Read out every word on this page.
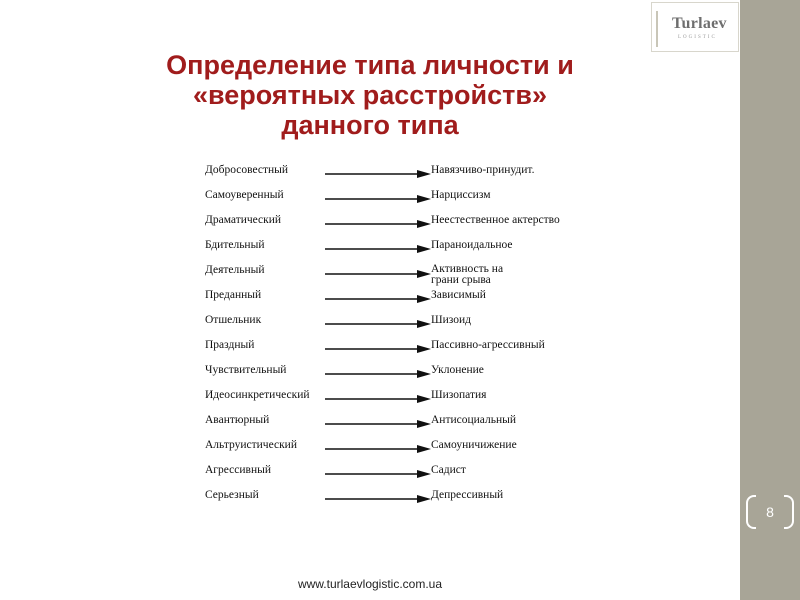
Turlaev
LOGISTIC
8
Определение типа личности и «вероятных расстройств» данного типа
Добросовестный	Навязчиво-принудит.
Самоуверенный	Нарциссизм
Драматический	Неестественное актерство
Бдительный	Параноидальное
Деятельный	Активность на грани срыва
Преданный	Зависимый
Отшельник	Шизоид
Праздный	Пассивно-агрессивный
Чувствительный	Уклонение
Идеосинкретический	Шизопатия
Авантюрный	Антисоциальный
Альтруистический	Самоуничижение
Агрессивный	Садист
Серьезный	Депрессивный
www.turlaevlogistic.com.ua
